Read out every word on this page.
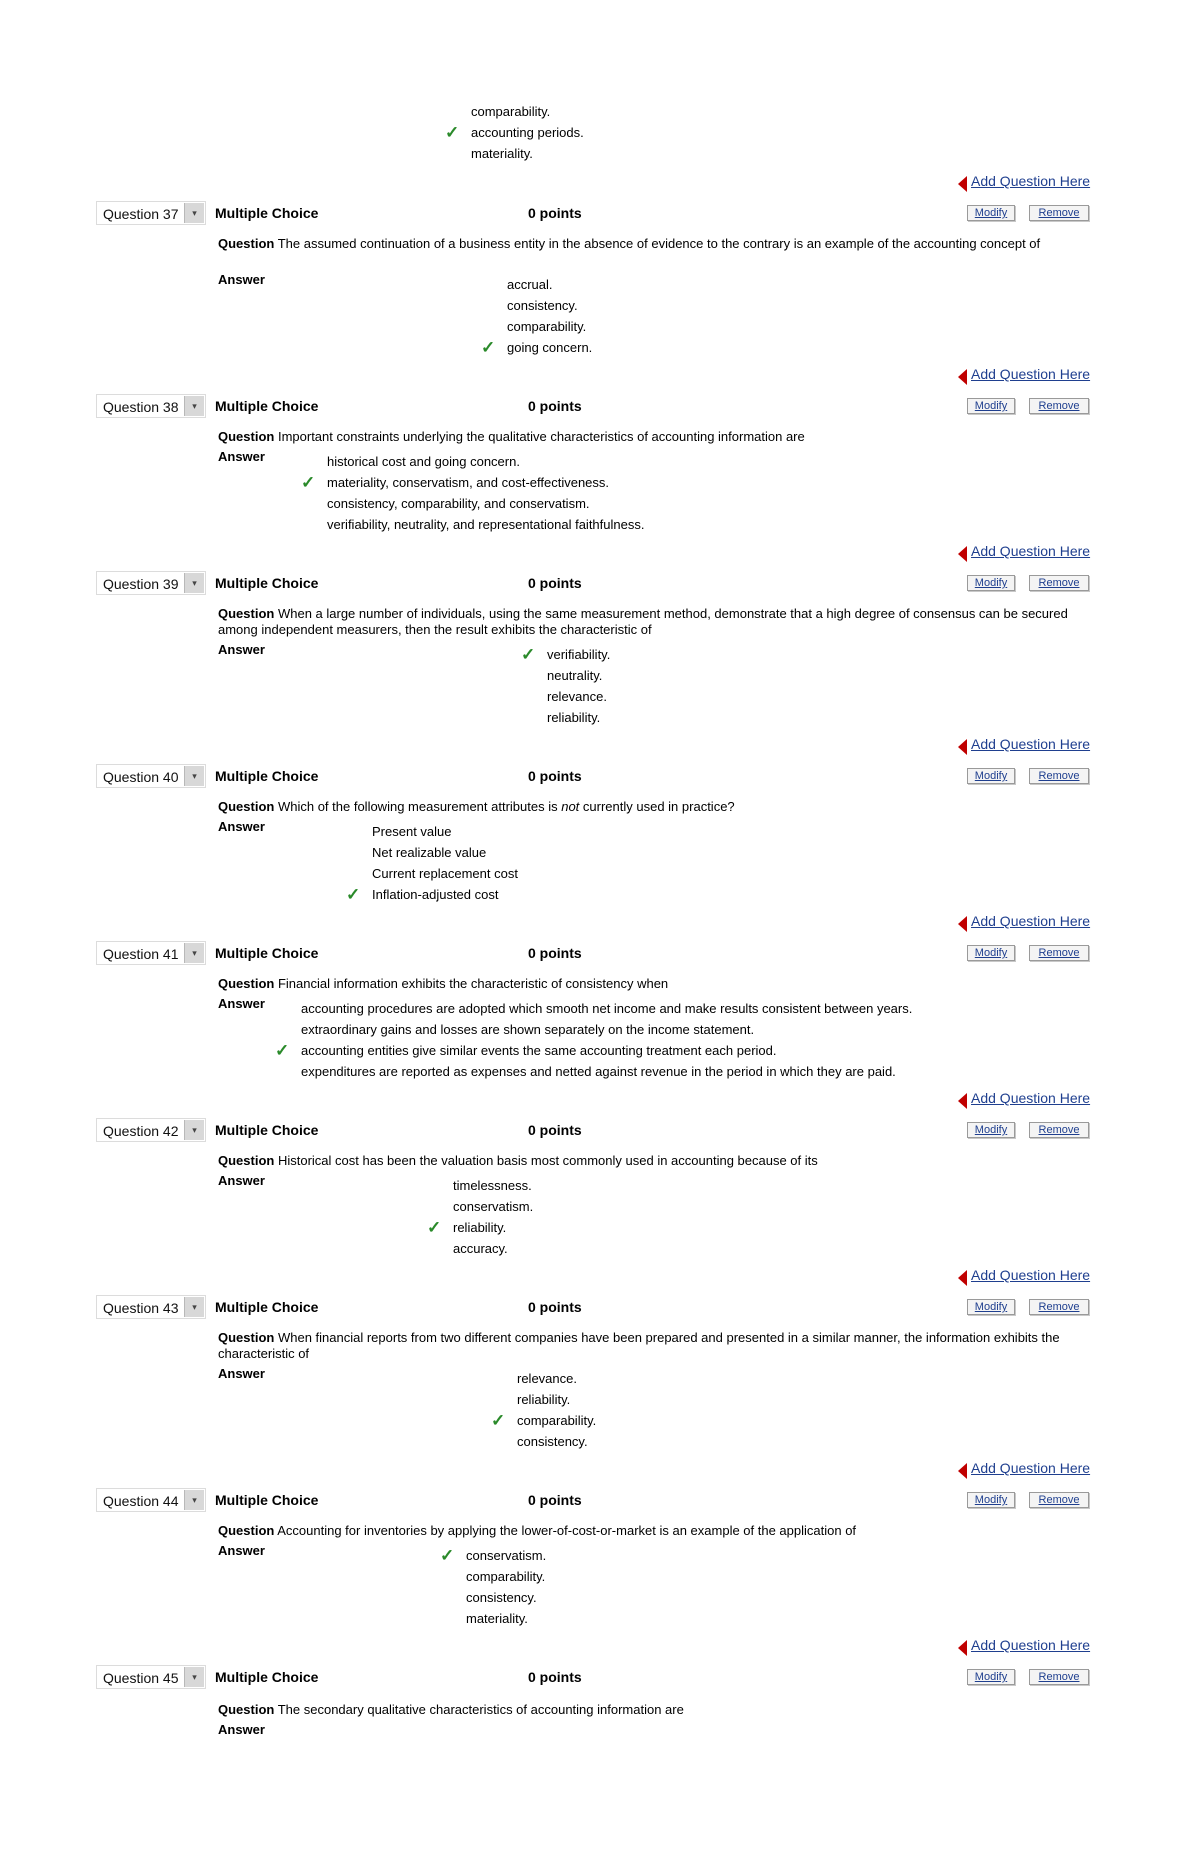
comparability.
✓ accounting periods.
materiality.
Add Question Here
Question 37	▾	Multiple Choice	0 points	Modify	Remove
Question The assumed continuation of a business entity in the absence of evidence to the contrary is an example of the accounting concept of
Answer	accrual.
consistency.
comparability.
✓ going concern.
Add Question Here
Question 38	▾	Multiple Choice	0 points	Modify	Remove
Question Important constraints underlying the qualitative characteristics of accounting information are
Answer	historical cost and going concern.
✓ materiality, conservatism, and cost-effectiveness.
consistency, comparability, and conservatism.
verifiability, neutrality, and representational faithfulness.
Add Question Here
Question 39	▾	Multiple Choice	0 points	Modify	Remove
Question When a large number of individuals, using the same measurement method, demonstrate that a high degree of consensus can be secured among independent measurers, then the result exhibits the characteristic of
Answer	✓ verifiability.
neutrality.
relevance.
reliability.
Add Question Here
Question 40	▾	Multiple Choice	0 points	Modify	Remove
Question Which of the following measurement attributes is not currently used in practice?
Answer	Present value
Net realizable value
Current replacement cost
✓ Inflation-adjusted cost
Add Question Here
Question 41	▾	Multiple Choice	0 points	Modify	Remove
Question Financial information exhibits the characteristic of consistency when
Answer	accounting procedures are adopted which smooth net income and make results consistent between years.
extraordinary gains and losses are shown separately on the income statement.
✓ accounting entities give similar events the same accounting treatment each period.
expenditures are reported as expenses and netted against revenue in the period in which they are paid.
Add Question Here
Question 42	▾	Multiple Choice	0 points	Modify	Remove
Question Historical cost has been the valuation basis most commonly used in accounting because of its
Answer	timelessness.
conservatism.
✓ reliability.
accuracy.
Add Question Here
Question 43	▾	Multiple Choice	0 points	Modify	Remove
Question When financial reports from two different companies have been prepared and presented in a similar manner, the information exhibits the characteristic of
Answer	relevance.
reliability.
✓ comparability.
consistency.
Add Question Here
Question 44	▾	Multiple Choice	0 points	Modify	Remove
Question Accounting for inventories by applying the lower-of-cost-or-market is an example of the application of
Answer	✓ conservatism.
comparability.
consistency.
materiality.
Add Question Here
Question 45	▾	Multiple Choice	0 points	Modify	Remove
Question The secondary qualitative characteristics of accounting information are
Answer
